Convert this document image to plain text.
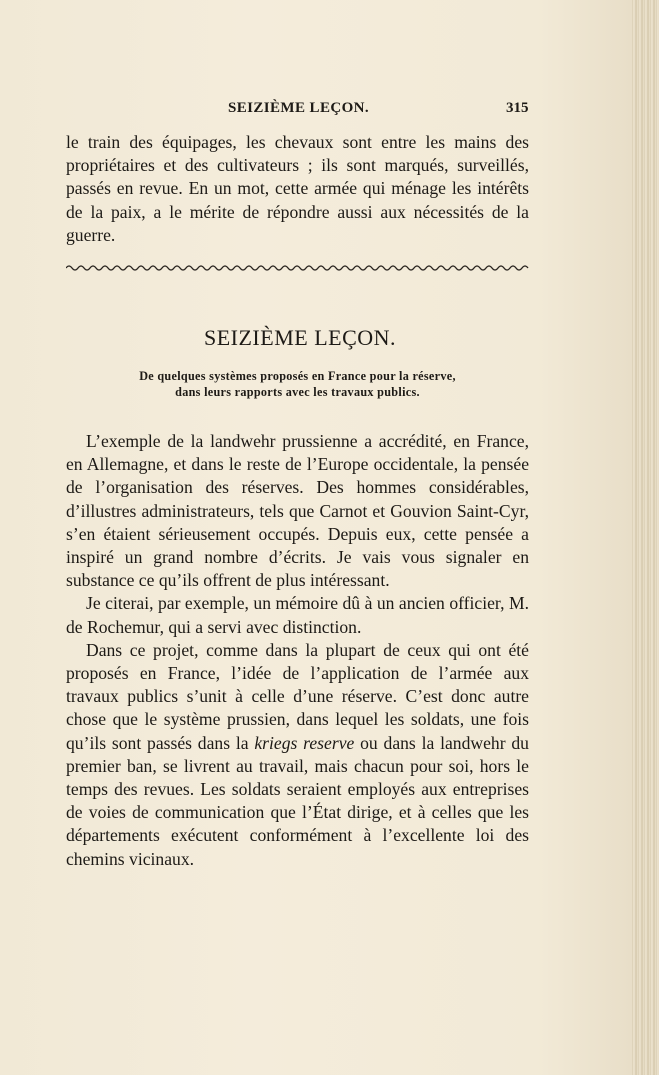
SEIZIÈME LEÇON.	315

le train des équipages, les chevaux sont entre les mains des propriétaires et des cultivateurs ; ils sont marqués, surveillés, passés en revue. En un mot, cette armée qui ménage les intérêts de la paix, a le mérite de répondre aussi aux nécessités de la guerre.

SEIZIÈME LEÇON.
De quelques systèmes proposés en France pour la réserve,
dans leurs rapports avec les travaux publics.

L’exemple de la landwehr prussienne a accrédité, en France, en Allemagne, et dans le reste de l’Europe occidentale, la pensée de l’organisation des réserves. Des hommes considérables, d’illustres administrateurs, tels que Carnot et Gouvion Saint-Cyr, s’en étaient sérieusement occupés. Depuis eux, cette pensée a inspiré un grand nombre d’écrits. Je vais vous signaler en substance ce qu’ils offrent de plus intéressant.

Je citerai, par exemple, un mémoire dû à un ancien officier, M. de Rochemur, qui a servi avec distinction.

Dans ce projet, comme dans la plupart de ceux qui ont été proposés en France, l’idée de l’application de l’armée aux travaux publics s’unit à celle d’une réserve. C’est donc autre chose que le système prussien, dans lequel les soldats, une fois qu’ils sont passés dans la kriegs reserve ou dans la landwehr du premier ban, se livrent au travail, mais chacun pour soi, hors le temps des revues. Les soldats seraient employés aux entreprises de voies de communication que l’État dirige, et à celles que les départements exécutent conformément à l’excellente loi des chemins vicinaux.
